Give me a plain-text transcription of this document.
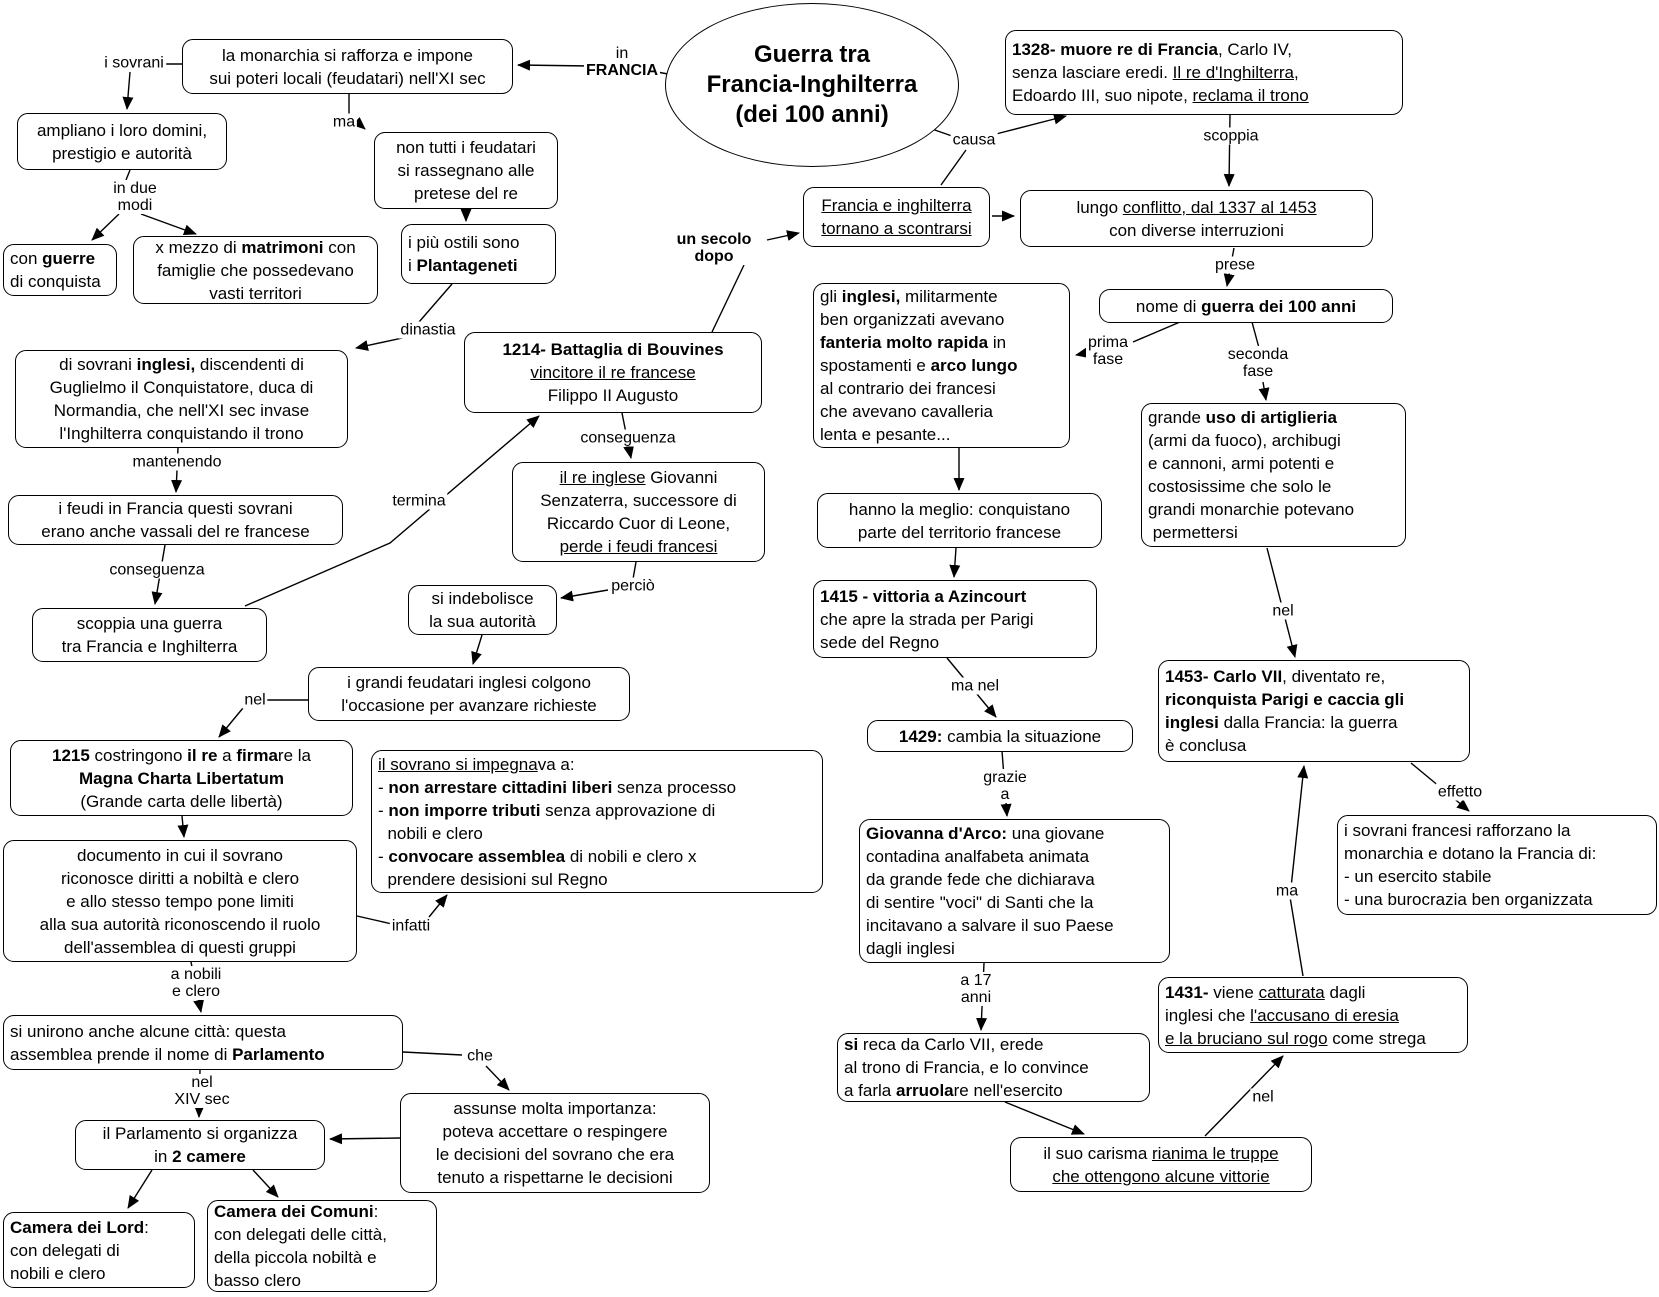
i sovrani
ma
in due
modi
in
FRANCIA
causa	scoppia
prese
prima
fase	seconda
fase
un secolo
dopo
dinastia
mantenendo
termina
conseguenza
conseguenza
perciò
nel
infatti
a nobili
e clero
che
nel
XIV sec
ma nel
grazie
a
a 17
anni
nel
effetto
ma
nel
Guerra tra
Francia-Inghilterra
(dei 100 anni)
la monarchia si rafforza e impone
sui poteri locali (feudatari) nell'XI sec
ampliano i loro domini,
prestigio e autorità
con guerre
di conquista
x mezzo di matrimoni con
famiglie che possedevano
vasti territori
non tutti i feudatari
si rassegnano alle
pretese del re
i più ostili sono
i Plantageneti
1328- muore re di Francia, Carlo IV,
senza lasciare eredi. Il re d'Inghilterra,
Edoardo III, suo nipote, reclama il trono
Francia e inghilterra
tornano a scontrarsi
lungo conflitto, dal 1337 al 1453
con diverse interruzioni
nome di guerra dei 100 anni
gli inglesi, militarmente
ben organizzati avevano
fanteria molto rapida in
spostamenti e arco lungo
al contrario dei francesi
che avevano cavalleria
lenta e pesante...
grande uso di artiglieria
(armi da fuoco), archibugi
e cannoni, armi potenti e
costosissime che solo le
grandi monarchie potevano
permettersi
di sovrani inglesi, discendenti di
Guglielmo il Conquistatore, duca di
Normandia, che nell'XI sec invase
l'Inghilterra conquistando il trono
i feudi in Francia questi sovrani
erano anche vassali del re francese
scoppia una guerra
tra Francia e Inghilterra
1214- Battaglia di Bouvines
vincitore il re francese
Filippo II Augusto
il re inglese Giovanni
Senzaterra, successore di
Riccardo Cuor di Leone,
perde i feudi francesi
si indebolisce
la sua autorità
i grandi feudatari inglesi colgono
l'occasione per avanzare richieste
1215 costringono il re a firmare la
Magna Charta Libertatum
(Grande carta delle libertà)
il sovrano si impegnava a:
- non arrestare cittadini liberi senza processo
- non imporre tributi senza approvazione di
nobili e clero
- convocare assemblea di nobili e clero x
prendere desisioni sul Regno
documento in cui il sovrano
riconosce diritti a nobiltà e clero
e allo stesso tempo pone limiti
alla sua autorità riconoscendo il ruolo
dell'assemblea di questi gruppi
si unirono anche alcune città: questa
assemblea prende il nome di Parlamento
il Parlamento si organizza
in 2 camere
Camera dei Lord:
con delegati di
nobili e clero
Camera dei Comuni:
con delegati delle città,
della piccola nobiltà e
basso clero
assunse molta importanza:
poteva accettare o respingere
le decisioni del sovrano che era
tenuto a rispettarne le decisioni
hanno la meglio: conquistano
parte del territorio francese
1415 - vittoria a Azincourt
che apre la strada per Parigi
sede del Regno
1429: cambia la situazione
Giovanna d'Arco: una giovane
contadina analfabeta animata
da grande fede che dichiarava
di sentire "voci" di Santi che la
incitavano a salvare il suo Paese
dagli inglesi
si reca da Carlo VII, erede
al trono di Francia, e lo convince
a farla arruolare nell'esercito
1453- Carlo VII, diventato re,
riconquista Parigi e caccia gli
inglesi dalla Francia: la guerra
è conclusa
i sovrani francesi rafforzano la
monarchia e dotano la Francia di:
- un esercito stabile
- una burocrazia ben organizzata
1431- viene catturata dagli
inglesi che l'accusano di eresia
e la bruciano sul rogo come strega
il suo carisma rianima le truppe
che ottengono alcune vittorie
